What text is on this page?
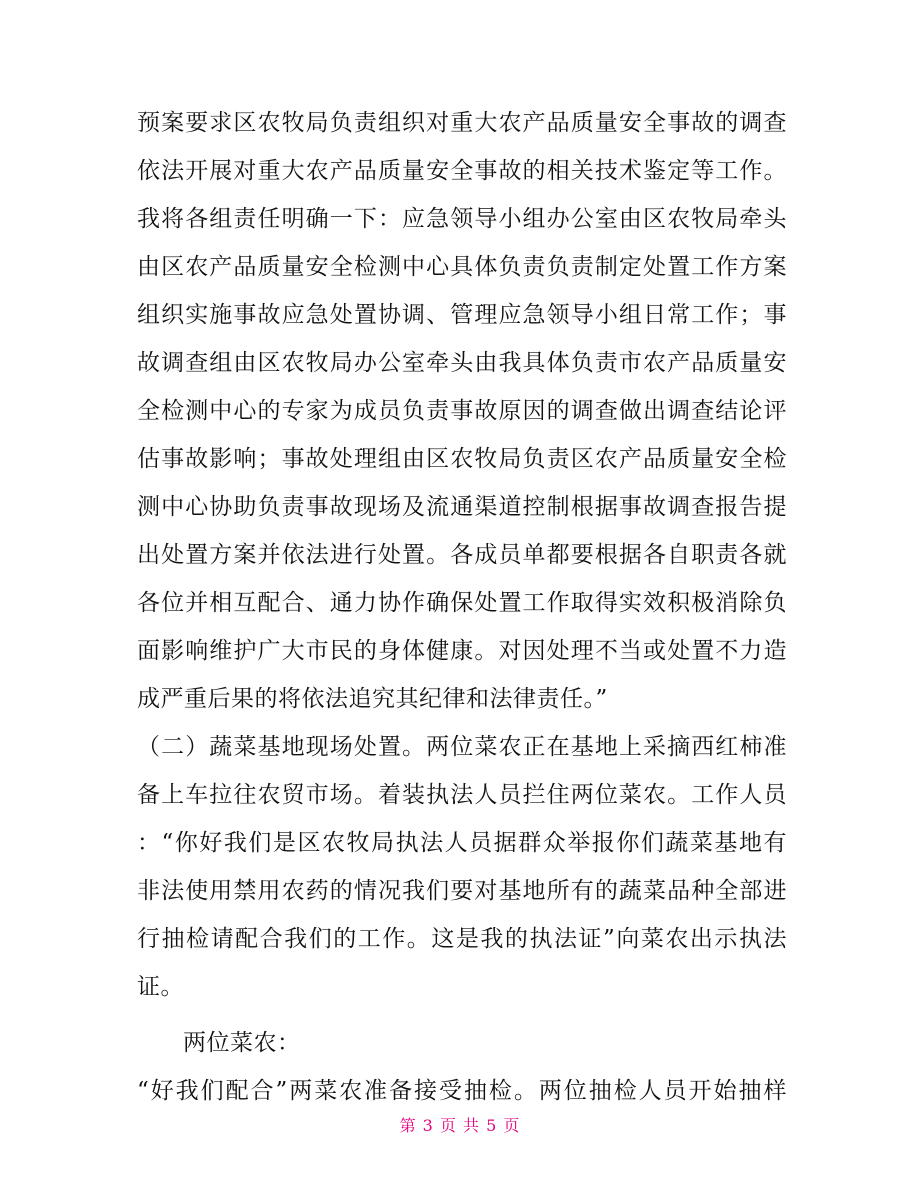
预案要求区农牧局负责组织对重大农产品质量安全事故的调查
依法开展对重大农产品质量安全事故的相关技术鉴定等工作。
我将各组责任明确一下：应急领导小组办公室由区农牧局牵头
由区农产品质量安全检测中心具体负责负责制定处置工作方案
组织实施事故应急处置协调、管理应急领导小组日常工作；事
故调查组由区农牧局办公室牵头由我具体负责市农产品质量安
全检测中心的专家为成员负责事故原因的调查做出调查结论评
估事故影响；事故处理组由区农牧局负责区农产品质量安全检
测中心协助负责事故现场及流通渠道控制根据事故调查报告提
出处置方案并依法进行处置。各成员单都要根据各自职责各就
各位并相互配合、通力协作确保处置工作取得实效积极消除负
面影响维护广大市民的身体健康。对因处理不当或处置不力造
成严重后果的将依法追究其纪律和法律责任。”
（二）蔬菜基地现场处置。两位菜农正在基地上采摘西红柿准
备上车拉往农贸市场。着装执法人员拦住两位菜农。工作人员
：“你好我们是区农牧局执法人员据群众举报你们蔬菜基地有
非法使用禁用农药的情况我们要对基地所有的蔬菜品种全部进
行抽检请配合我们的工作。这是我的执法证”向菜农出示执法
证。
两位菜农：
“好我们配合”两菜农准备接受抽检。两位抽检人员开始抽样
第 3 页 共 5 页
